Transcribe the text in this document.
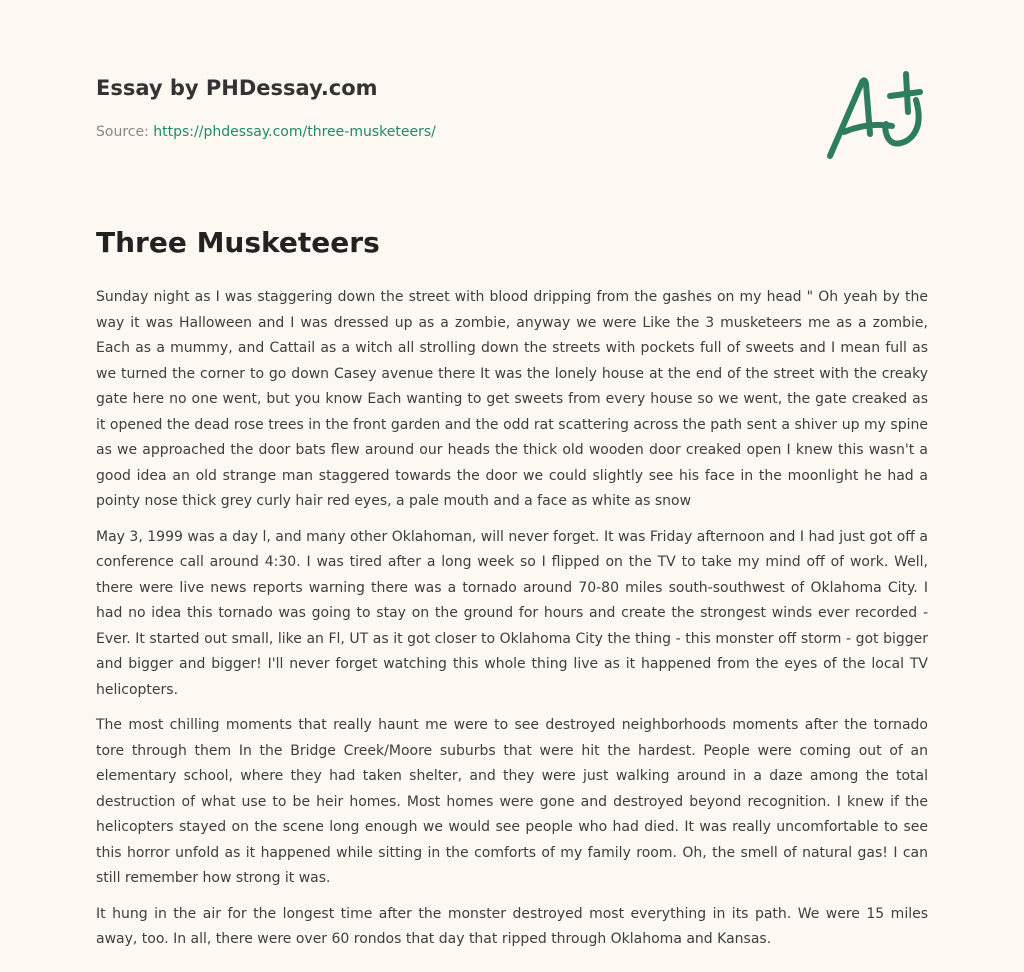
Essay by PHDessay.com
Source: https://phdessay.com/three-musketeers/
Three Musketeers

Sunday night as I was staggering down the street with blood dripping from the gashes on my head " Oh yeah by the way it was Halloween and I was dressed up as a zombie, anyway we were Like the 3 musketeers me as a zombie, Each as a mummy, and Cattail as a witch all strolling down the streets with pockets full of sweets and I mean full as we turned the corner to go down Casey avenue there It was the lonely house at the end of the street with the creaky gate here no one went, but you know Each wanting to get sweets from every house so we went, the gate creaked as it opened the dead rose trees in the front garden and the odd rat scattering across the path sent a shiver up my spine as we approached the door bats flew around our heads the thick old wooden door creaked open I knew this wasn't a good idea an old strange man staggered towards the door we could slightly see his face in the moonlight he had a pointy nose thick grey curly hair red eyes, a pale mouth and a face as white as snow

May 3, 1999 was a day l, and many other Oklahoman, will never forget. It was Friday afternoon and I had just got off a conference call around 4:30. I was tired after a long week so I flipped on the TV to take my mind off of work. Well, there were live news reports warning there was a tornado around 70-80 miles south-southwest of Oklahoma City. I had no idea this tornado was going to stay on the ground for hours and create the strongest winds ever recorded - Ever. It started out small, like an Fl, UT as it got closer to Oklahoma City the thing - this monster off storm - got bigger and bigger and bigger! I'll never forget watching this whole thing live as it happened from the eyes of the local TV helicopters.

The most chilling moments that really haunt me were to see destroyed neighborhoods moments after the tornado tore through them In the Bridge Creek/Moore suburbs that were hit the hardest. People were coming out of an elementary school, where they had taken shelter, and they were just walking around in a daze among the total destruction of what use to be heir homes. Most homes were gone and destroyed beyond recognition. I knew if the helicopters stayed on the scene long enough we would see people who had died. It was really uncomfortable to see this horror unfold as it happened while sitting in the comforts of my family room. Oh, the smell of natural gas! I can still remember how strong it was.

It hung in the air for the longest time after the monster destroyed most everything in its path. We were 15 miles away, too. In all, there were over 60 rondos that day that ripped through Oklahoma and Kansas.
